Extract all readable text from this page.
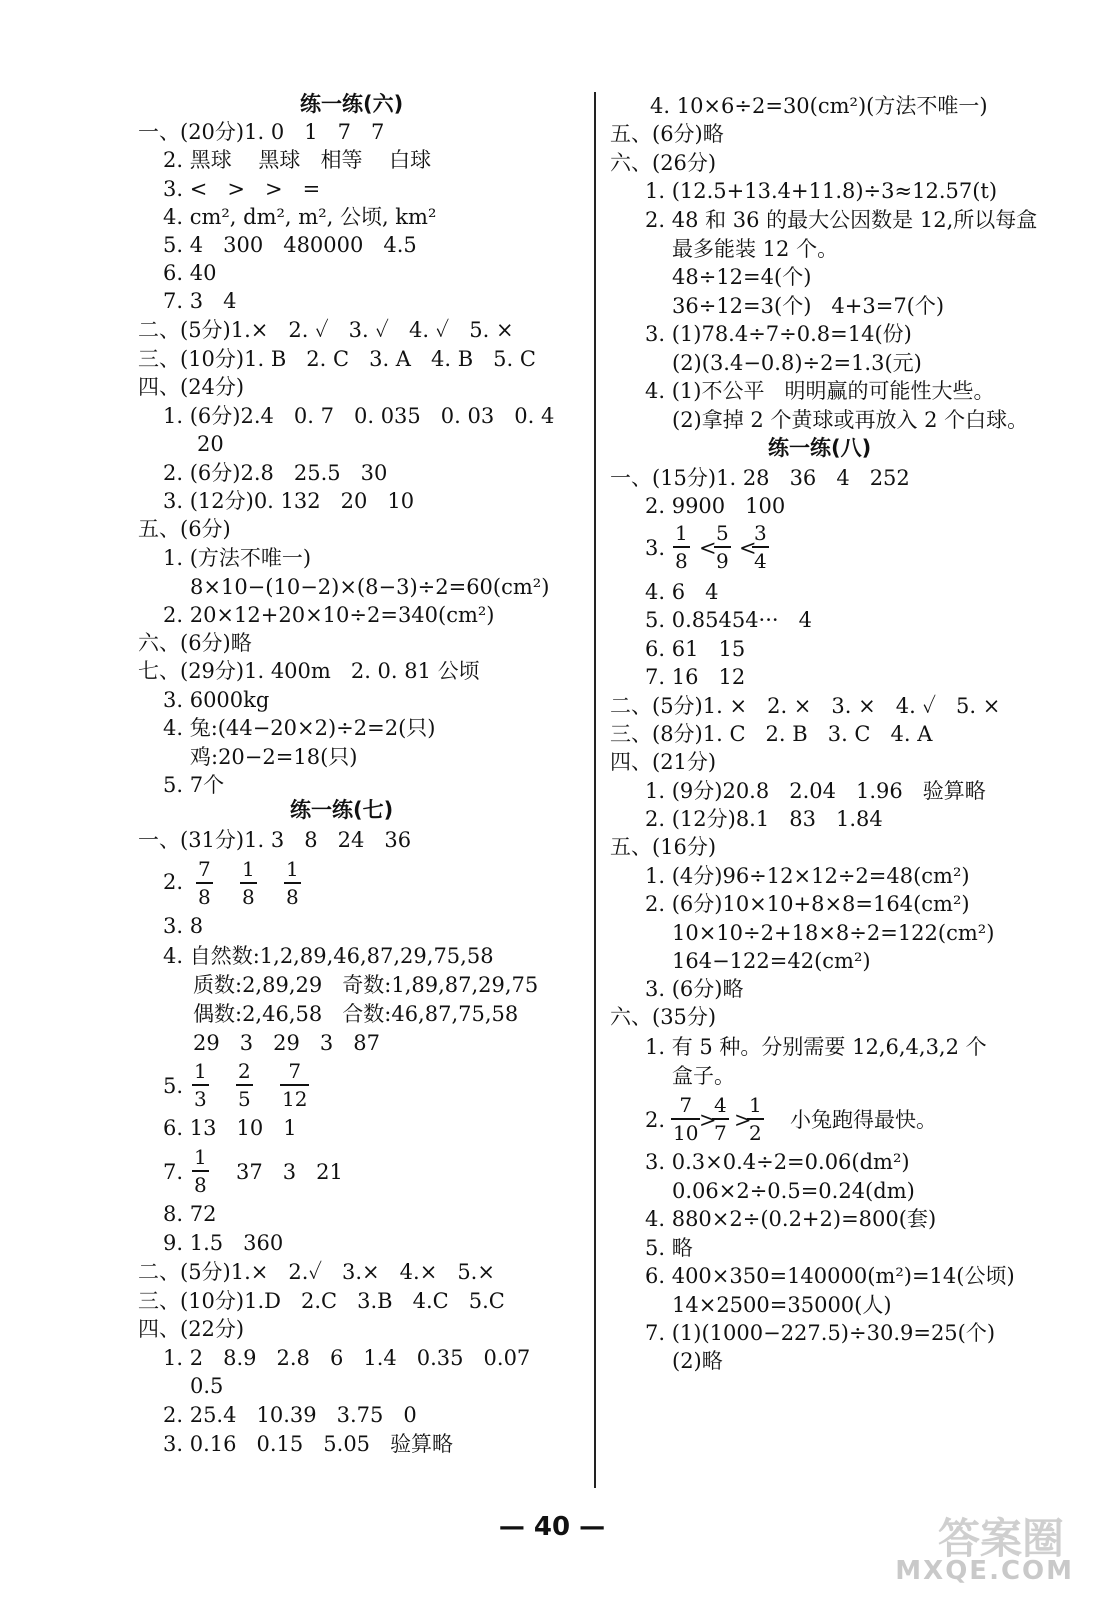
练一练(六)
一、(20分)1. 0   1   7   7
2. 黑球    黑球   相等    白球
3. <   >   >   =
4. cm², dm², m², 公顷, km²
5. 4   300   480000   4.5
6. 40
7. 3   4
二、(5分)1.×   2. ✓   3. ✓   4. ✓   5. ×
三、(10分)1. B   2. C   3. A   4. B   5. C
四、(24分)
1. (6分)2.4   0. 7   0. 035   0. 03   0. 4
20
2. (6分)2.8   25.5   30
3. (12分)0. 132   20   10
五、(6分)
1. (方法不唯一)
8×10−(10−2)×(8−3)÷2=60(cm²)
2. 20×12+20×10÷2=340(cm²)
六、(6分)略
七、(29分)1. 400m   2. 0. 81 公顷
3. 6000kg
4. 兔:(44−20×2)÷2=2(只)
鸡:20−2=18(只)
5. 7个
练一练(七)
一、(31分)1. 3   8   24   36
2. $\frac{7}{8} \frac{1}{8} \frac{1}{8}$
3. 8
4. 自然数:1,2,89,46,87,29,75,58
质数:2,89,29   奇数:1,89,87,29,75
偶数:2,46,58   合数:46,87,75,58
29   3   29   3   87
5. $\frac{1}{3} \frac{2}{5} \frac{7}{12}$
6. 13   10   1
7. $\frac{1}{8} 37$   3   21
8. 72
9. 1.5   360
二、(5分)1.×   2.✓   3.×   4.×   5.×
三、(10分)1.D   2.C   3.B   4.C   5.C
四、(22分)
1. 2   8.9   2.8   6   1.4   0.35   0.07
0.5
2. 25.4   10.39   3.75   0
3. 0.16   0.15   5.05   验算略
4. 10×6÷2=30(cm²)(方法不唯一)
五、(6分)略
六、(26分)
1. (12.5+13.4+11.8)÷3≈12.57(t)
2. 48 和 36 的最大公因数是 12,所以每盒
最多能装 12 个。
48÷12=4(个)
36÷12=3(个)   4+3=7(个)
3. (1)78.4÷7÷0.8=14(份)
(2)(3.4−0.8)÷2=1.3(元)
4. (1)不公平   明明赢的可能性大些。
(2)拿掉 2 个黄球或再放入 2 个白球。
练一练(八)
一、(15分)1. 28   36   4   252
2. 9900   100
3. $\frac{1}{8}$ <
$\frac{5}{9}$ <
$\frac{3}{4}$
4. 6   4
5. 0.85454···   4
6. 61   15
7. 16   12
二、(5分)1. ×   2. ×   3. ×   4. ✓   5. ×
三、(8分)1. C   2. B   3. C   4. A
四、(21分)
1. (9分)20.8   2.04   1.96   验算略
2. (12分)8.1   83   1.84
五、(16分)
1. (4分)96÷12×12÷2=48(cm²)
2. (6分)10×10+8×8=164(cm²)
10×10÷2+18×8÷2=122(cm²)
164−122=42(cm²)
3. (6分)略
六、(35分)
1. 有 5 种。分别需要 12,6,4,3,2 个
盒子。
2. $\frac{7}{10}$
>
$\frac{4}{7}$ >
$\frac{1}{2}$ 小兔跑得最快。
3. 0.3×0.4÷2=0.06(dm²)
0.06×2÷0.5=0.24(dm)
4. 880×2÷(0.2+2)=800(套)
5. 略
6. 400×350=140000(m²)=14(公顷)
14×2500=35000(人)
7. (1)(1000−227.5)÷30.9=25(个)
(2)略
— 40 —	答案圈
MXQE.COM
